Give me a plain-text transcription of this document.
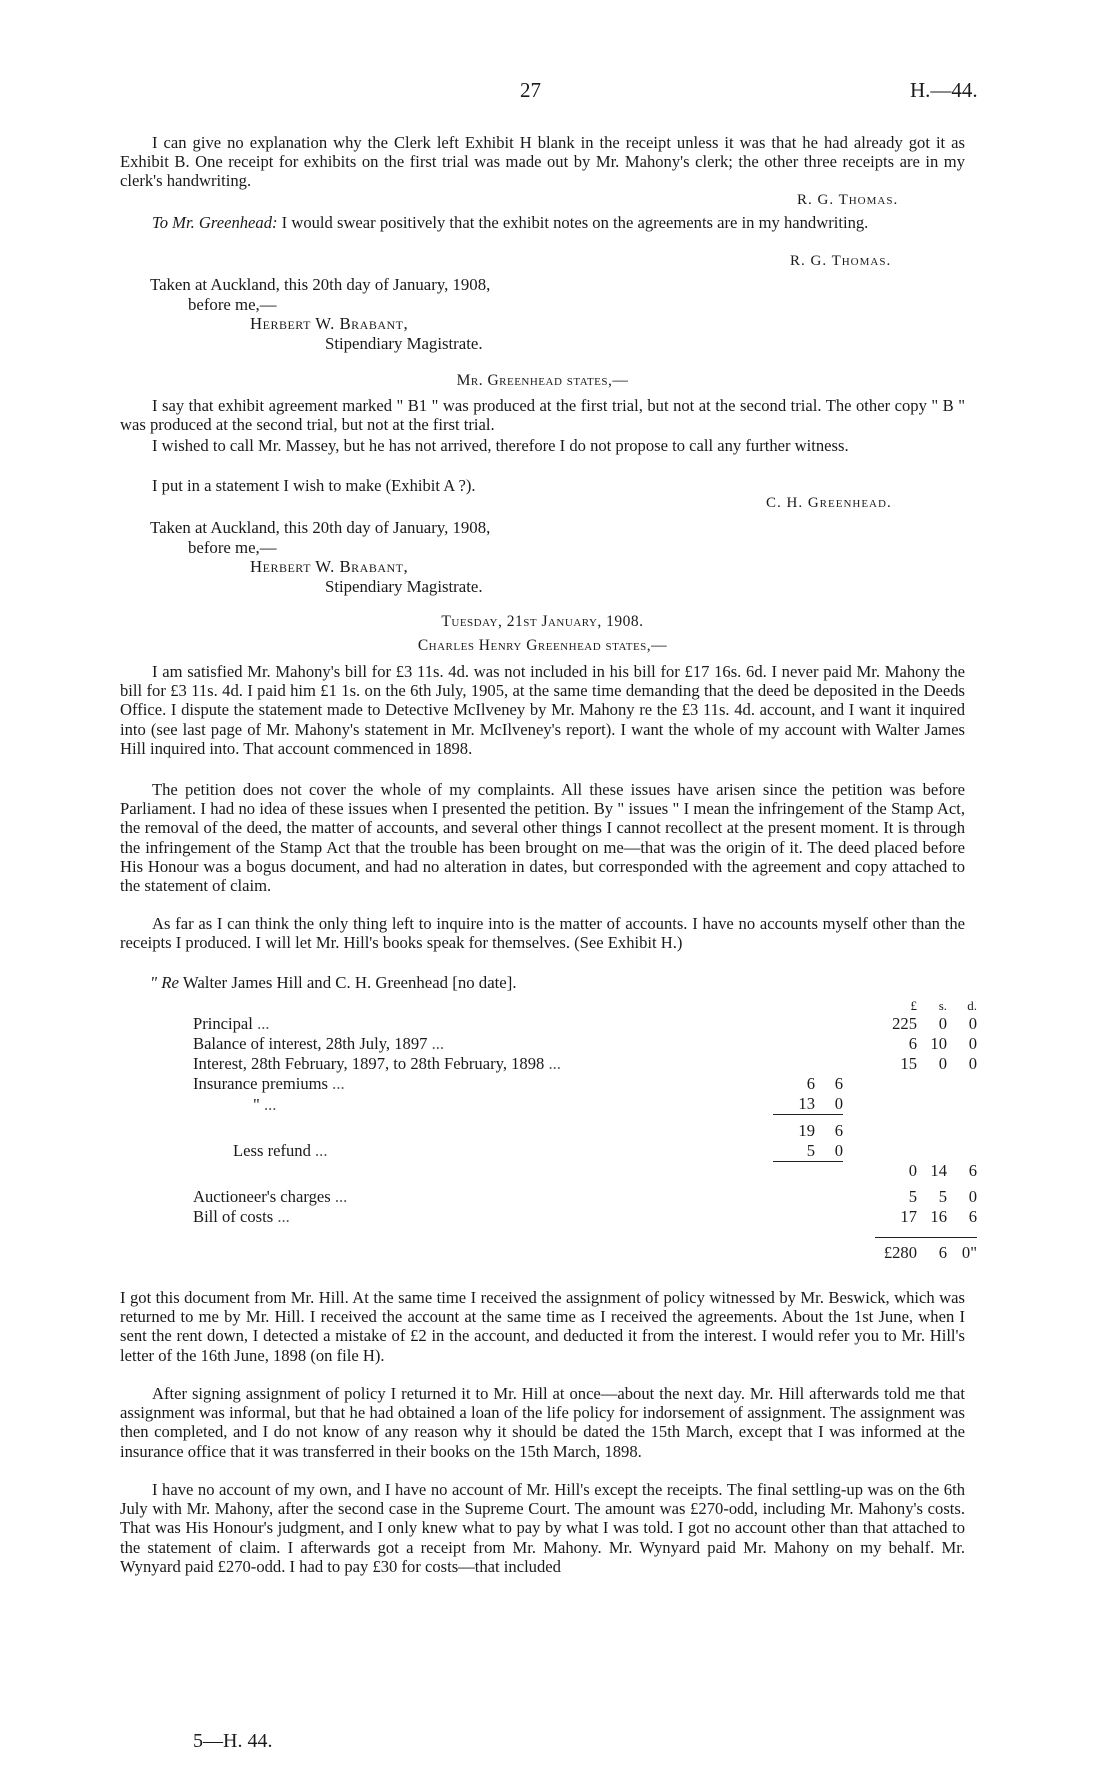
27	H.—44.

I can give no explanation why the Clerk left Exhibit H blank in the receipt unless it was that he had already got it as Exhibit B. One receipt for exhibits on the first trial was made out by Mr. Mahony's clerk; the other three receipts are in my clerk's handwriting.

R. G. Thomas.

To Mr. Greenhead: I would swear positively that the exhibit notes on the agreements are in my handwriting.

R. G. Thomas.
Taken at Auckland, this 20th day of January, 1908,
before me,—
Herbert W. Brabant,
Stipendiary Magistrate.
Mr. Greenhead states,—

I say that exhibit agreement marked " B1 " was produced at the first trial, but not at the second trial. The other copy " B " was produced at the second trial, but not at the first trial.

I wished to call Mr. Massey, but he has not arrived, therefore I do not propose to call any further witness.

I put in a statement I wish to make (Exhibit A ?).

C. H. Greenhead.
Taken at Auckland, this 20th day of January, 1908,
before me,—
Herbert W. Brabant,
Stipendiary Magistrate.
Tuesday, 21st January, 1908.
Charles Henry Greenhead states,—

I am satisfied Mr. Mahony's bill for £3 11s. 4d. was not included in his bill for £17 16s. 6d. I never paid Mr. Mahony the bill for £3 11s. 4d. I paid him £1 1s. on the 6th July, 1905, at the same time demanding that the deed be deposited in the Deeds Office. I dispute the statement made to Detective McIlveney by Mr. Mahony re the £3 11s. 4d. account, and I want it inquired into (see last page of Mr. Mahony's statement in Mr. McIlveney's report). I want the whole of my account with Walter James Hill inquired into. That account commenced in 1898.

The petition does not cover the whole of my complaints. All these issues have arisen since the petition was before Parliament. I had no idea of these issues when I presented the petition. By " issues " I mean the infringement of the Stamp Act, the removal of the deed, the matter of accounts, and several other things I cannot recollect at the present moment. It is through the infringement of the Stamp Act that the trouble has been brought on me—that was the origin of it. The deed placed before His Honour was a bogus document, and had no alteration in dates, but corresponded with the agreement and copy attached to the statement of claim.

As far as I can think the only thing left to inquire into is the matter of accounts. I have no accounts myself other than the receipts I produced. I will let Mr. Hill's books speak for themselves. (See Exhibit H.)

" Re Walter James Hill and C. H. Greenhead [no date].
				£	s.	d.
Principal ...				225	0	0
Balance of interest, 28th July, 1897 ...				6	10	0
Interest, 28th February, 1897, to 28th February, 1898 ...				15	0	0
Insurance premiums ...	6	6				
" ...	13	0				
	19	6				
Less refund ...	5	0				
				0	14	6

Auctioneer's charges ...				5	5	0
Bill of costs ...				17	16	6

				£280	6	0"

I got this document from Mr. Hill. At the same time I received the assignment of policy witnessed by Mr. Beswick, which was returned to me by Mr. Hill. I received the account at the same time as I received the agreements. About the 1st June, when I sent the rent down, I detected a mistake of £2 in the account, and deducted it from the interest. I would refer you to Mr. Hill's letter of the 16th June, 1898 (on file H).

After signing assignment of policy I returned it to Mr. Hill at once—about the next day. Mr. Hill afterwards told me that assignment was informal, but that he had obtained a loan of the life policy for indorsement of assignment. The assignment was then completed, and I do not know of any reason why it should be dated the 15th March, except that I was informed at the insurance office that it was transferred in their books on the 15th March, 1898.

I have no account of my own, and I have no account of Mr. Hill's except the receipts. The final settling-up was on the 6th July with Mr. Mahony, after the second case in the Supreme Court. The amount was £270-odd, including Mr. Mahony's costs. That was His Honour's judgment, and I only knew what to pay by what I was told. I got no account other than that attached to the statement of claim. I afterwards got a receipt from Mr. Mahony. Mr. Wynyard paid Mr. Mahony on my behalf. Mr. Wynyard paid £270-odd. I had to pay £30 for costs—that included

5—H. 44.
